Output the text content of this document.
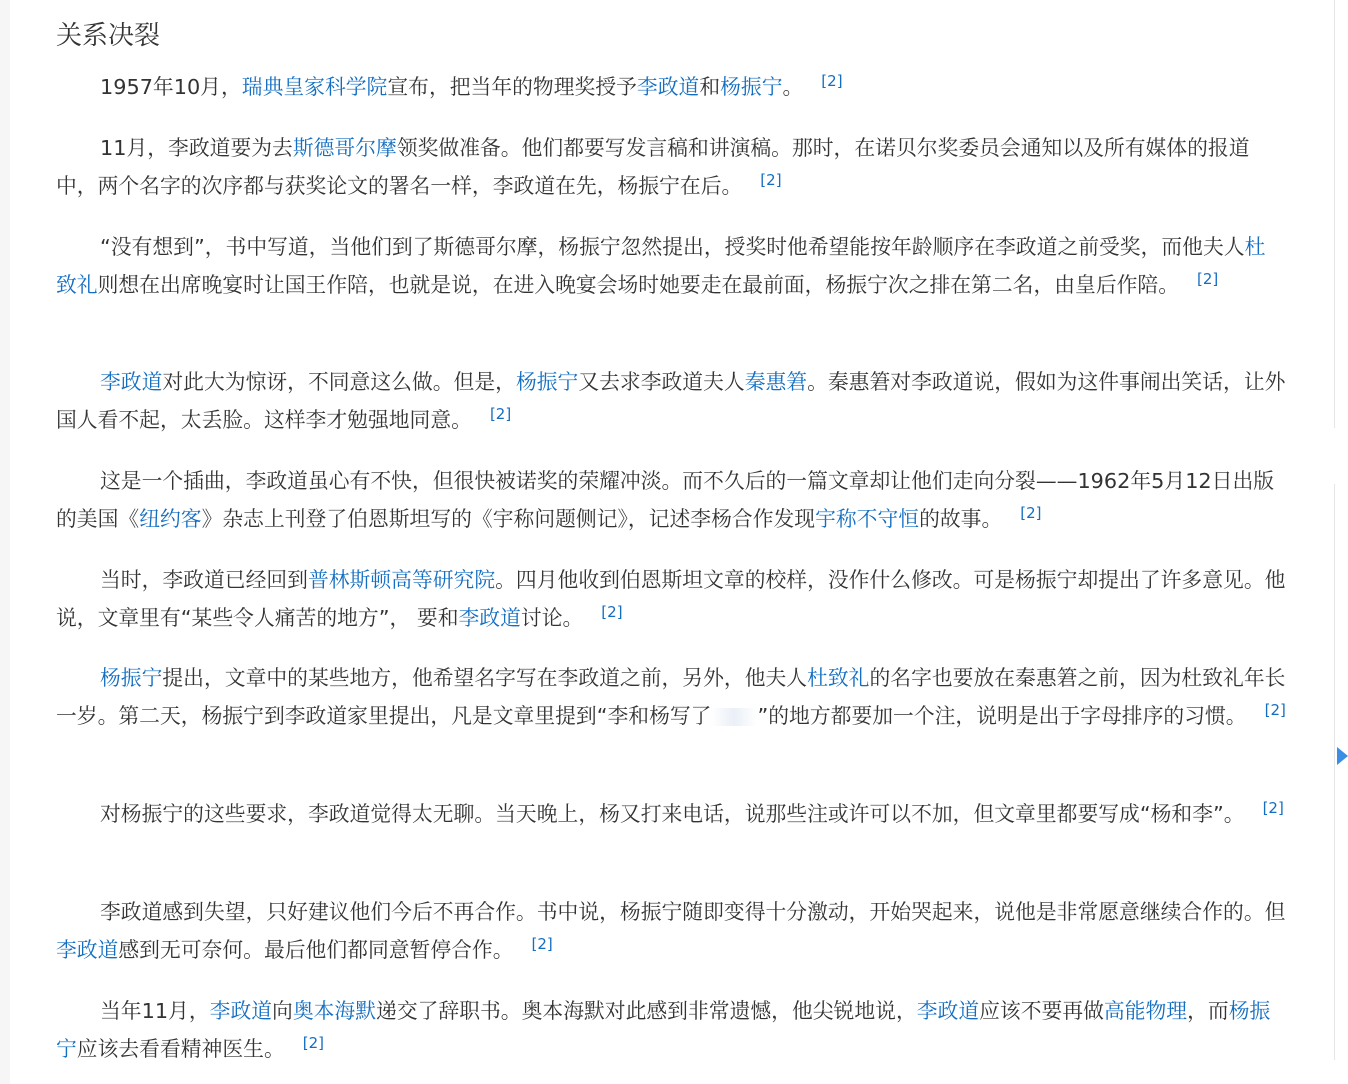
关系决裂

1957年10月，瑞典皇家科学院宣布，把当年的物理奖授予李政道和杨振宁。 [2]

11月，李政道要为去斯德哥尔摩领奖做准备。他们都要写发言稿和讲演稿。那时，在诺贝尔奖委员会通知以及所有媒体的报道中，两个名字的次序都与获奖论文的署名一样，李政道在先，杨振宁在后。 [2]

“没有想到”，书中写道，当他们到了斯德哥尔摩，杨振宁忽然提出，授奖时他希望能按年龄顺序在李政道之前受奖，而他夫人杜致礼则想在出席晚宴时让国王作陪，也就是说，在进入晚宴会场时她要走在最前面，杨振宁次之排在第二名，由皇后作陪。 [2]

李政道对此大为惊讶，不同意这么做。但是，杨振宁又去求李政道夫人秦惠䇹。秦惠䇹对李政道说，假如为这件事闹出笑话，让外国人看不起，太丢脸。这样李才勉强地同意。 [2]

这是一个插曲，李政道虽心有不快，但很快被诺奖的荣耀冲淡。而不久后的一篇文章却让他们走向分裂——1962年5月12日出版的美国《纽约客》杂志上刊登了伯恩斯坦写的《宇称问题侧记》，记述李杨合作发现宇称不守恒的故事。 [2]

当时，李政道已经回到普林斯顿高等研究院。四月他收到伯恩斯坦文章的校样，没作什么修改。可是杨振宁却提出了许多意见。他说，文章里有“某些令人痛苦的地方”， 要和李政道讨论。 [2]

杨振宁提出，文章中的某些地方，他希望名字写在李政道之前，另外，他夫人杜致礼的名字也要放在秦惠䇹之前，因为杜致礼年长一岁。第二天，杨振宁到李政道家里提出，凡是文章里提到“李和杨写了 ”的地方都要加一个注，说明是出于字母排序的习惯。 [2]

对杨振宁的这些要求，李政道觉得太无聊。当天晚上，杨又打来电话，说那些注或许可以不加，但文章里都要写成“杨和李”。 [2]

李政道感到失望，只好建议他们今后不再合作。书中说，杨振宁随即变得十分激动，开始哭起来，说他是非常愿意继续合作的。但李政道感到无可奈何。最后他们都同意暂停合作。 [2]

当年11月，李政道向奥本海默递交了辞职书。奥本海默对此感到非常遗憾，他尖锐地说，李政道应该不要再做高能物理，而杨振宁应该去看看精神医生。 [2]
